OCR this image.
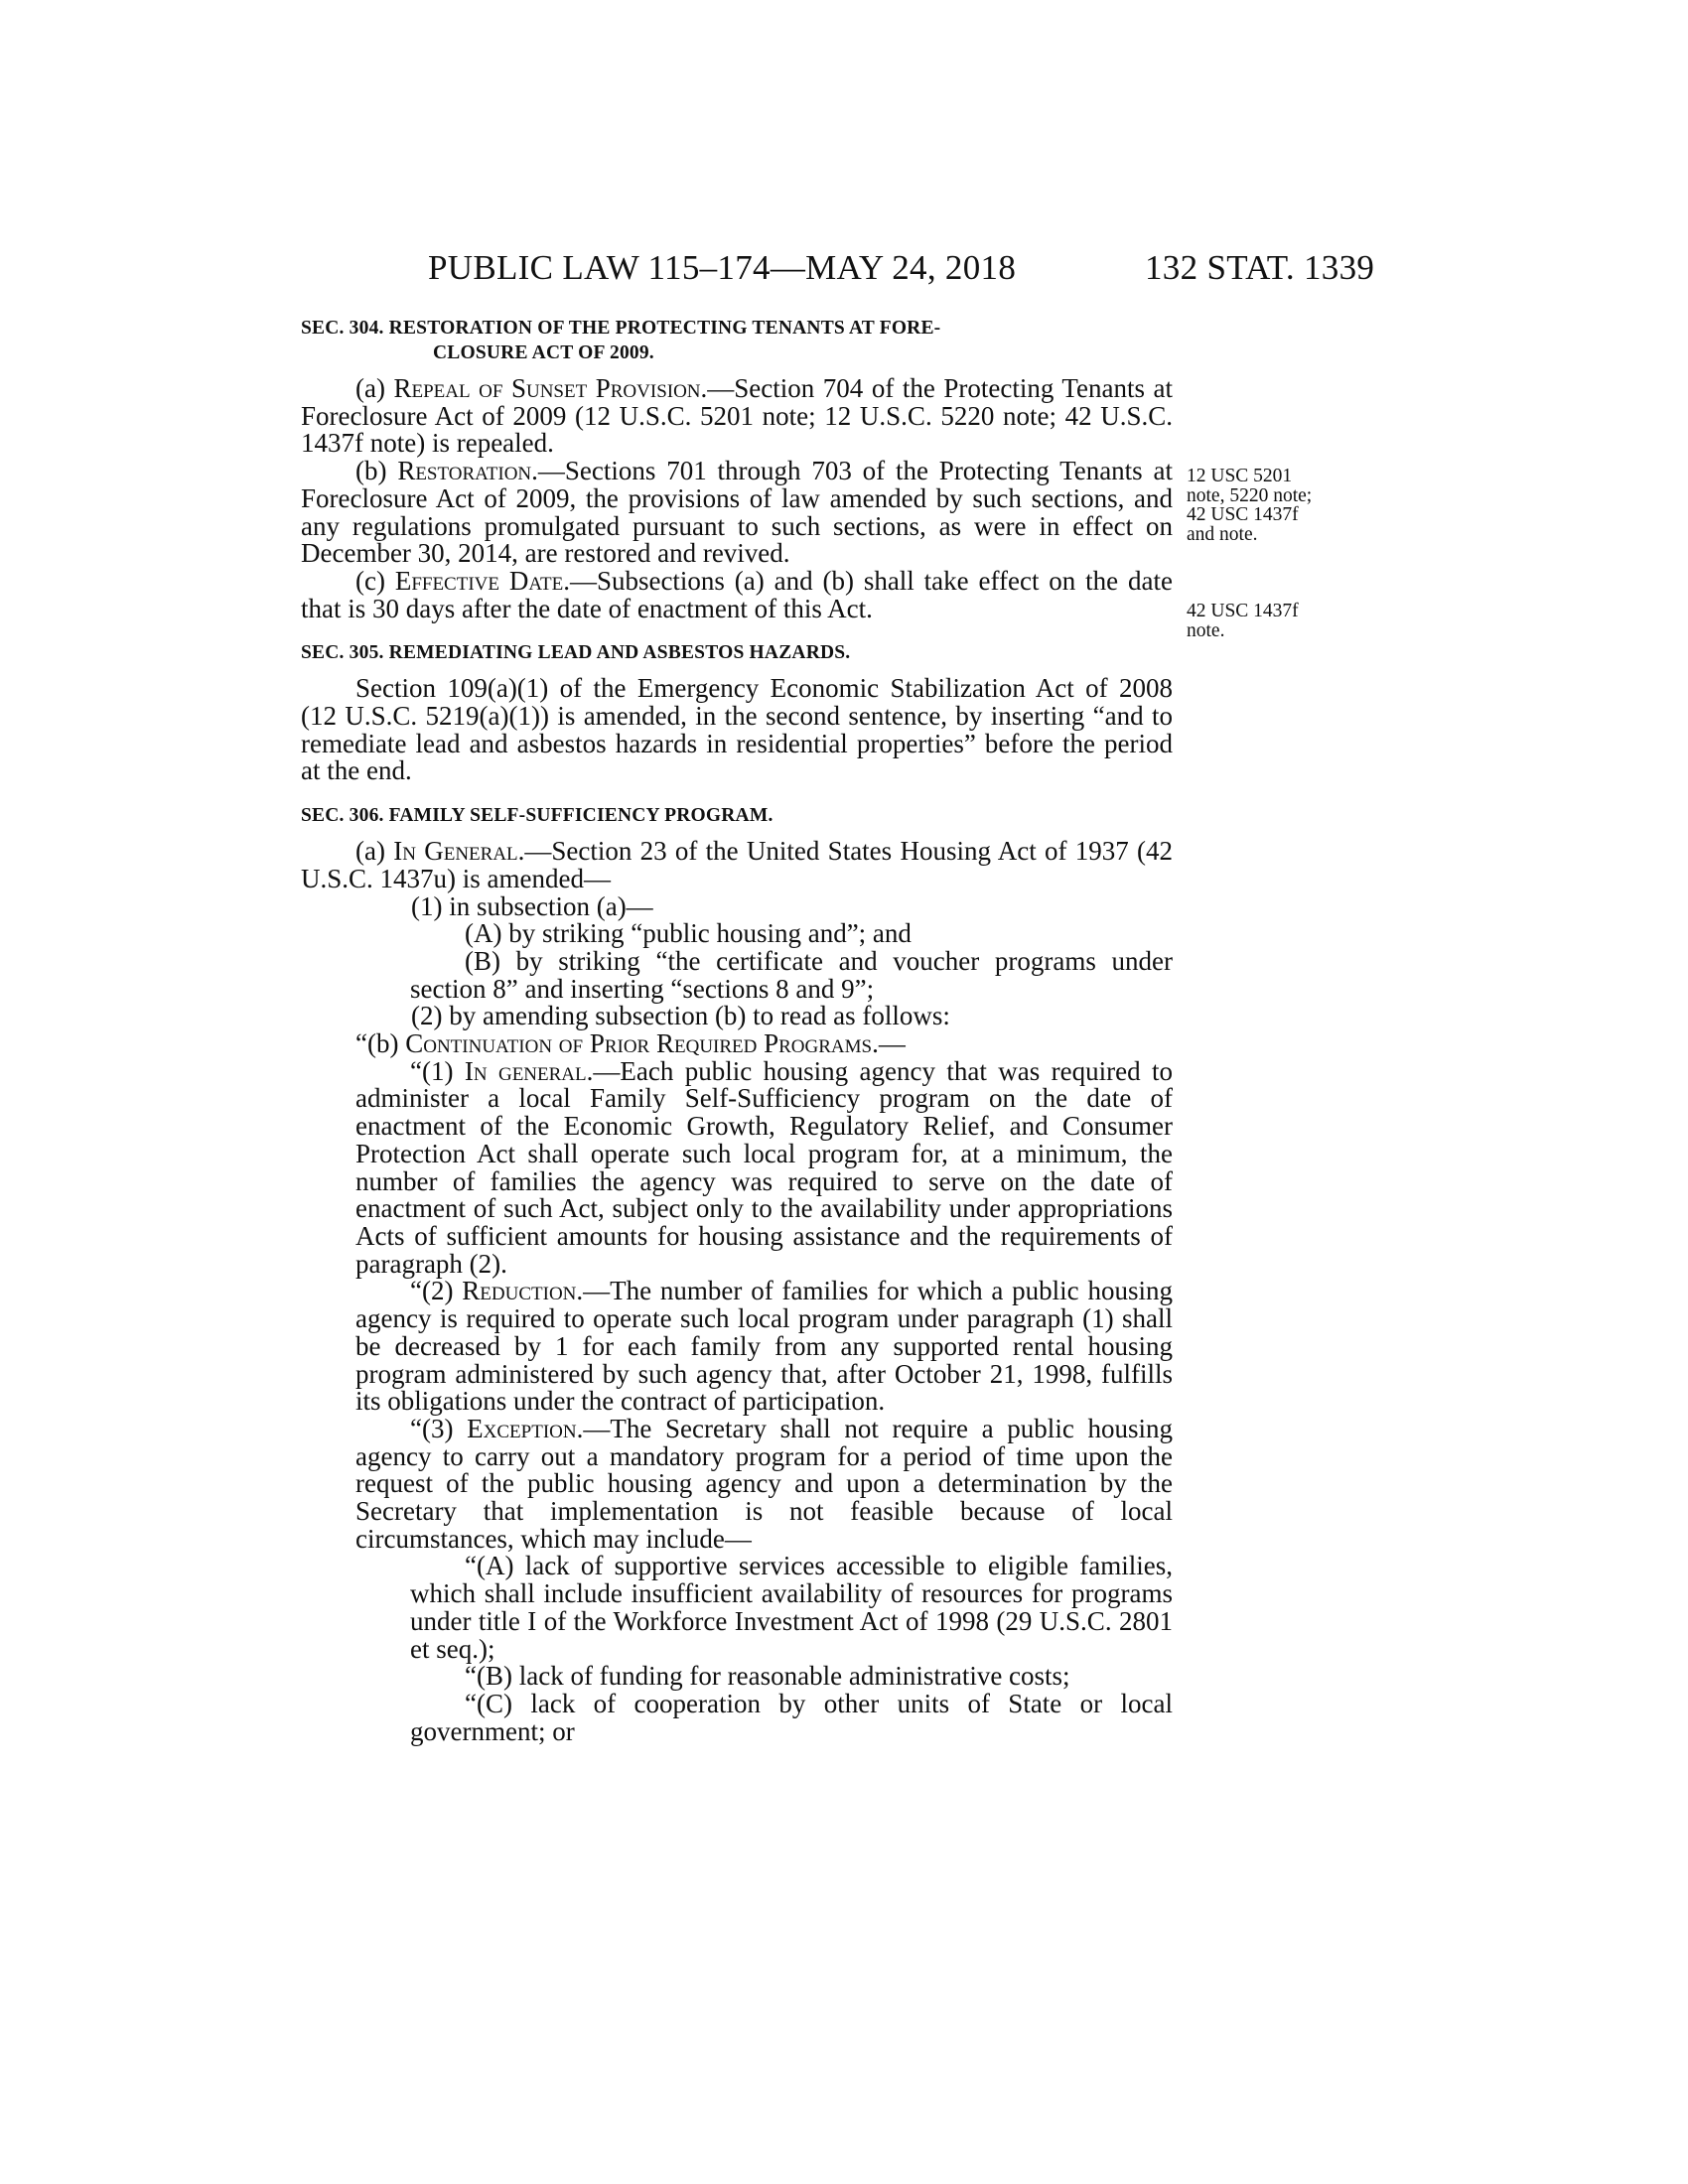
PUBLIC LAW 115–174—MAY 24, 2018	132 STAT. 1339
12 USC 5201
note, 5220 note;
42 USC 1437f
and note.
42 USC 1437f
note.
SEC. 304. RESTORATION OF THE PROTECTING TENANTS AT FORE-
CLOSURE ACT OF 2009.

(a) Repeal of Sunset Provision.—Section 704 of the Protecting Tenants at Foreclosure Act of 2009 (12 U.S.C. 5201 note; 12 U.S.C. 5220 note; 42 U.S.C. 1437f note) is repealed.

(b) Restoration.—Sections 701 through 703 of the Protecting Tenants at Foreclosure Act of 2009, the provisions of law amended by such sections, and any regulations promulgated pursuant to such sections, as were in effect on December 30, 2014, are restored and revived.

(c) Effective Date.—Subsections (a) and (b) shall take effect on the date that is 30 days after the date of enactment of this Act.

SEC. 305. REMEDIATING LEAD AND ASBESTOS HAZARDS.

Section 109(a)(1) of the Emergency Economic Stabilization Act of 2008 (12 U.S.C. 5219(a)(1)) is amended, in the second sentence, by inserting “and to remediate lead and asbestos hazards in residential properties” before the period at the end.

SEC. 306. FAMILY SELF-SUFFICIENCY PROGRAM.

(a) In General.—Section 23 of the United States Housing Act of 1937 (42 U.S.C. 1437u) is amended—

(1) in subsection (a)—

(A) by striking “public housing and”; and

(B) by striking “the certificate and voucher programs under section 8” and inserting “sections 8 and 9”;

(2) by amending subsection (b) to read as follows:

“(b) Continuation of Prior Required Programs.—

“(1) In general.—Each public housing agency that was required to administer a local Family Self-Sufficiency program on the date of enactment of the Economic Growth, Regulatory Relief, and Consumer Protection Act shall operate such local program for, at a minimum, the number of families the agency was required to serve on the date of enactment of such Act, subject only to the availability under appropriations Acts of sufficient amounts for housing assistance and the requirements of paragraph (2).

“(2) Reduction.—The number of families for which a public housing agency is required to operate such local program under paragraph (1) shall be decreased by 1 for each family from any supported rental housing program administered by such agency that, after October 21, 1998, fulfills its obligations under the contract of participation.

“(3) Exception.—The Secretary shall not require a public housing agency to carry out a mandatory program for a period of time upon the request of the public housing agency and upon a determination by the Secretary that implementation is not feasible because of local circumstances, which may include—

“(A) lack of supportive services accessible to eligible families, which shall include insufficient availability of resources for programs under title I of the Workforce Investment Act of 1998 (29 U.S.C. 2801 et seq.);

“(B) lack of funding for reasonable administrative costs;

“(C) lack of cooperation by other units of State or local government; or
